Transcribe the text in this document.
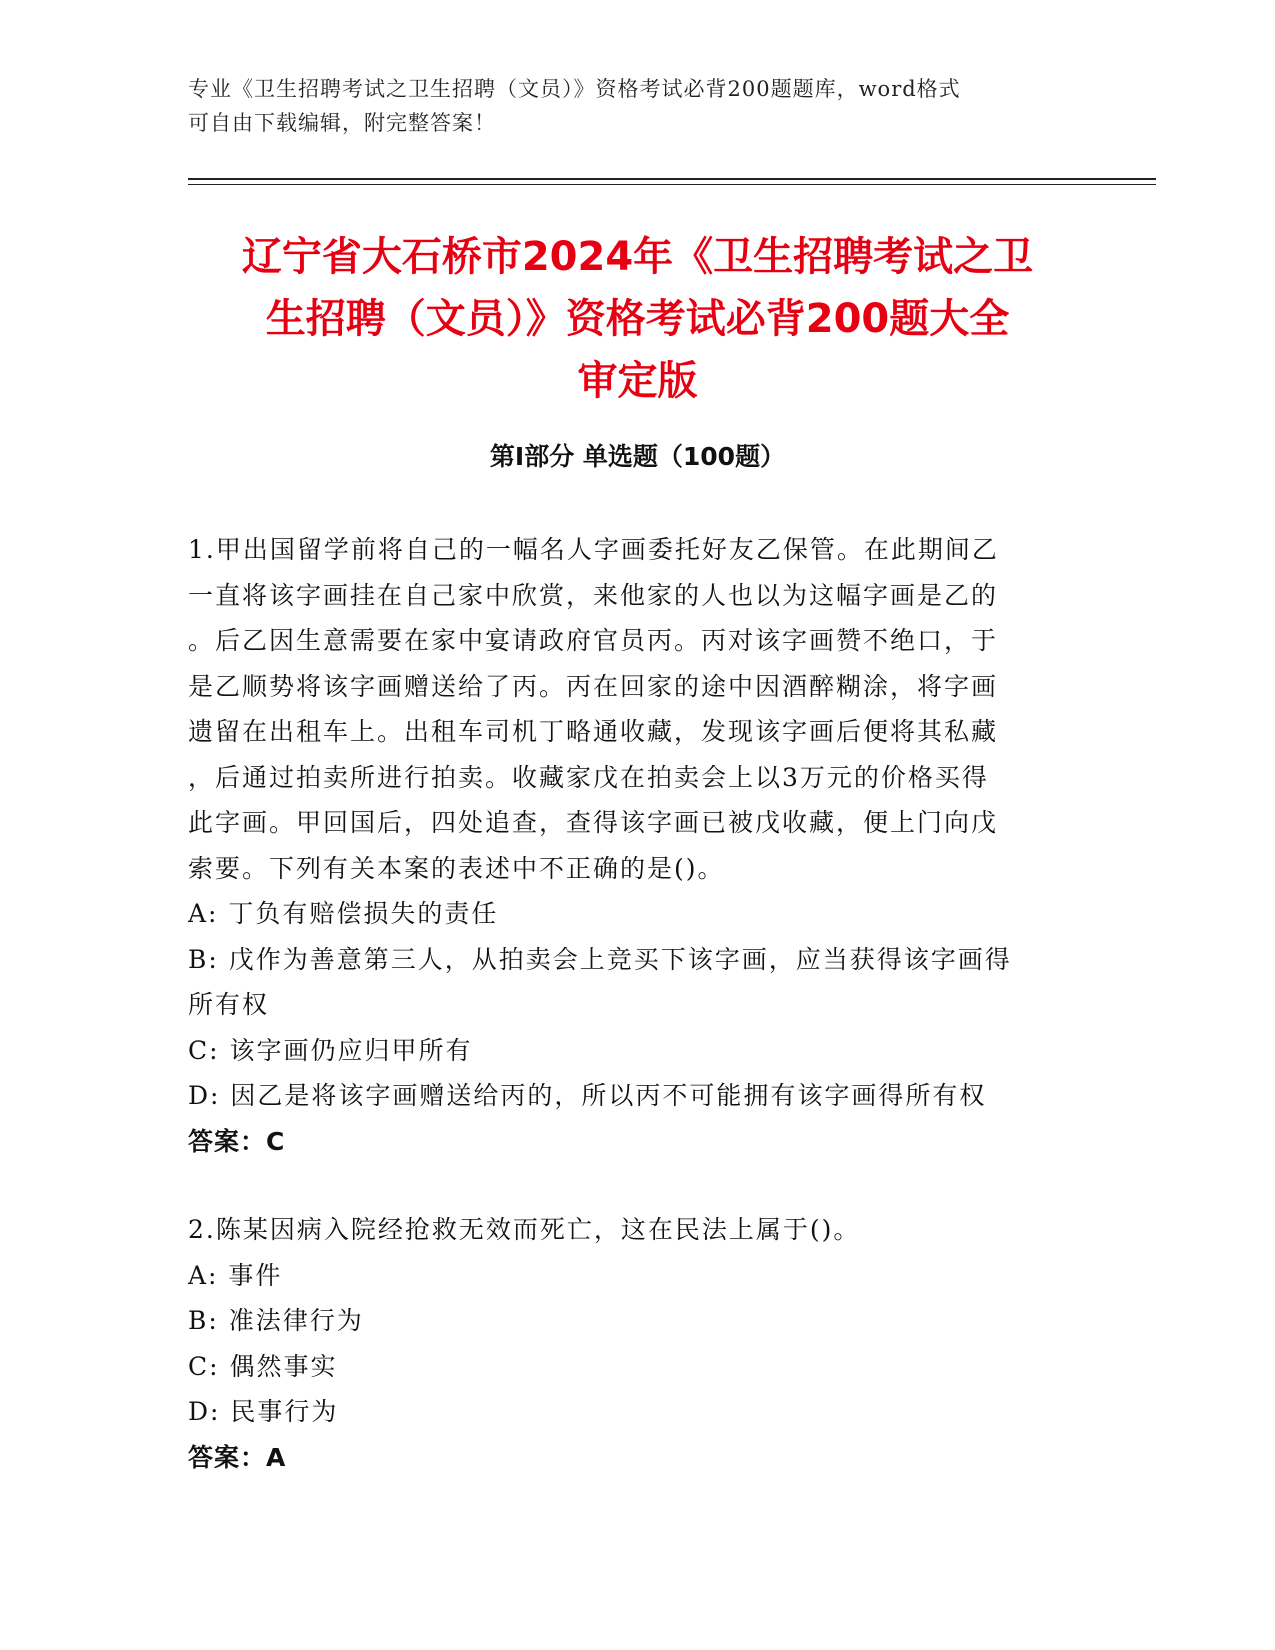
专业《卫生招聘考试之卫生招聘（文员）》资格考试必背200题题库，word格式
可自由下载编辑，附完整答案！
辽宁省大石桥市2024年《卫生招聘考试之卫
生招聘（文员）》资格考试必背200题大全
审定版
第Ⅰ部分 单选题（100题）
1.甲出国留学前将自己的一幅名人字画委托好友乙保管。在此期间乙
一直将该字画挂在自己家中欣赏，来他家的人也以为这幅字画是乙的
。后乙因生意需要在家中宴请政府官员丙。丙对该字画赞不绝口，于
是乙顺势将该字画赠送给了丙。丙在回家的途中因酒醉糊涂，将字画
遗留在出租车上。出租车司机丁略通收藏，发现该字画后便将其私藏
，后通过拍卖所进行拍卖。收藏家戊在拍卖会上以3万元的价格买得
此字画。甲回国后，四处追查，查得该字画已被戊收藏，便上门向戊
索要。下列有关本案的表述中不正确的是()。
A: 丁负有赔偿损失的责任
B: 戊作为善意第三人，从拍卖会上竞买下该字画，应当获得该字画得
所有权
C: 该字画仍应归甲所有
D: 因乙是将该字画赠送给丙的，所以丙不可能拥有该字画得所有权
答案：C
2.陈某因病入院经抢救无效而死亡，这在民法上属于()。
A: 事件
B: 准法律行为
C: 偶然事实
D: 民事行为
答案：A
